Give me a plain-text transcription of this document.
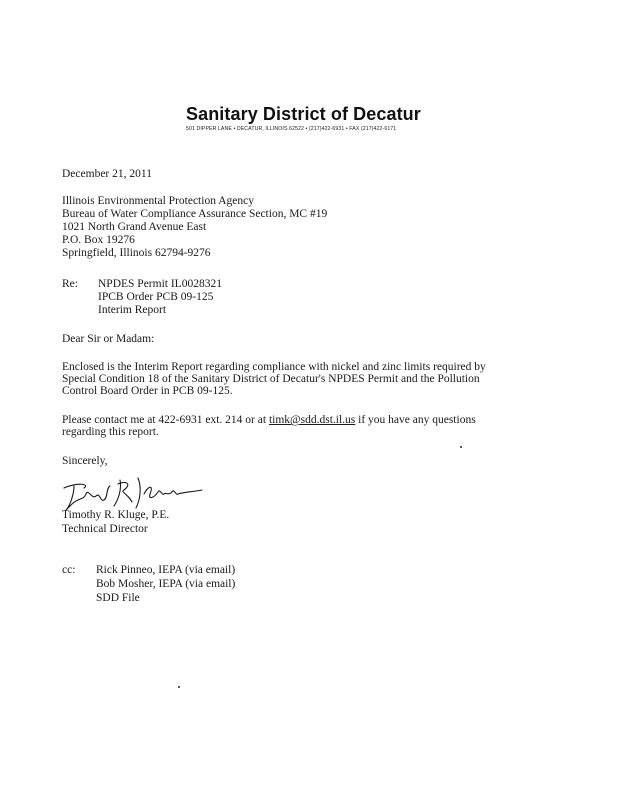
Sanitary District of Decatur
501 DIPPER LANE • DECATUR, ILLINOIS 62522 • (217)422-6931 • FAX (217)422-6171
December 21, 2011
Illinois Environmental Protection Agency
Bureau of Water Compliance Assurance Section, MC #19
1021 North Grand Avenue East
P.O. Box 19276
Springfield, Illinois 62794-9276
Re: NPDES Permit IL0028321
IPCB Order PCB 09-125
Interim Report
Dear Sir or Madam:
Enclosed is the Interim Report regarding compliance with nickel and zinc limits required by
Special Condition 18 of the Sanitary District of Decatur's NPDES Permit and the Pollution
Control Board Order in PCB 09-125.
Please contact me at 422-6931 ext. 214 or at timk@sdd.dst.il.us if you have any questions
regarding this report.
Sincerely,
Timothy R. Kluge, P.E.
Technical Director
cc: Rick Pinneo, IEPA (via email)
Bob Mosher, IEPA (via email)
SDD File
